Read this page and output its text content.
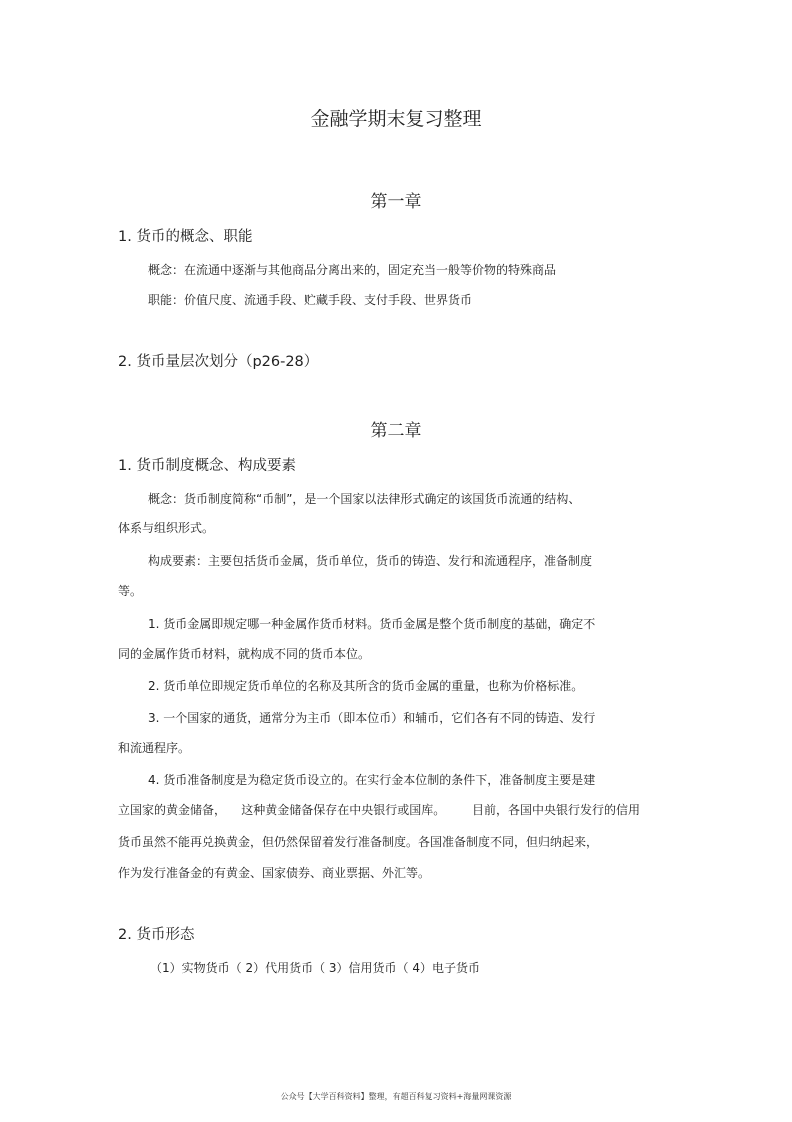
金融学期末复习整理
第一章
1. 货币的概念、职能
概念：在流通中逐渐与其他商品分离出来的，固定充当一般等价物的特殊商品
职能：价值尺度、流通手段、贮藏手段、支付手段、世界货币
2. 货币量层次划分（p26-28）
第二章
1. 货币制度概念、构成要素
概念：货币制度简称“币制”，是一个国家以法律形式确定的该国货币流通的结构、
体系与组织形式。
构成要素：主要包括货币金属，货币单位，货币的铸造、发行和流通程序，准备制度
等。
1. 货币金属即规定哪一种金属作货币材料。货币金属是整个货币制度的基础，确定不
同的金属作货币材料，就构成不同的货币本位。
2. 货币单位即规定货币单位的名称及其所含的货币金属的重量，也称为价格标准。
3. 一个国家的通货，通常分为主币（即本位币）和辅币，它们各有不同的铸造、发行
和流通程序。
4. 货币准备制度是为稳定货币设立的。在实行金本位制的条件下，准备制度主要是建
立国家的黄金储备，    这种黄金储备保存在中央银行或国库。       目前，各国中央银行发行的信用
货币虽然不能再兑换黄金，但仍然保留着发行准备制度。各国准备制度不同，但归纳起来，
作为发行准备金的有黄金、国家债券、商业票据、外汇等。
2. 货币形态
（1）实物货币（ 2）代用货币（ 3）信用货币（ 4）电子货币
公众号【大学百科资料】整理，有超百科复习资料+海量网课资源
